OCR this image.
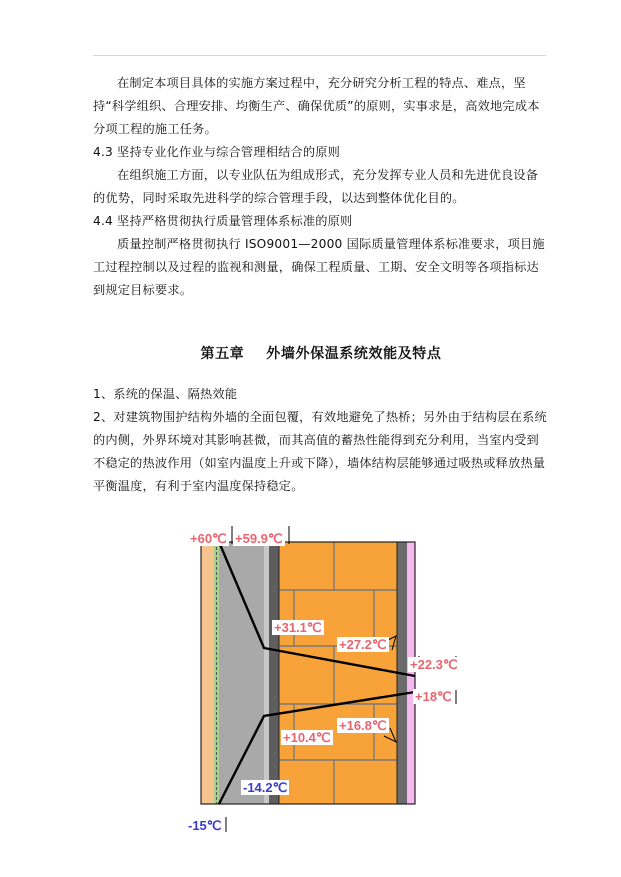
在制定本项目具体的实施方案过程中，充分研究分析工程的特点、难点，坚持“科学组织、合理安排、均衡生产、确保优质”的原则，实事求是，高效地完成本分项工程的施工任务。

4.3 坚持专业化作业与综合管理相结合的原则

在组织施工方面，以专业队伍为组成形式，充分发挥专业人员和先进优良设备的优势，同时采取先进科学的综合管理手段，以达到整体优化目的。

4.4 坚持严格贯彻执行质量管理体系标准的原则

质量控制严格贯彻执行 ISO9001—2000 国际质量管理体系标准要求，项目施工过程控制以及过程的监视和测量，确保工程质量、工期、安全文明等各项指标达到规定目标要求。

第五章 外墙外保温系统效能及特点

1、系统的保温、隔热效能

2、对建筑物围护结构外墙的全面包覆，有效地避免了热桥；另外由于结构层在系统的内侧，外界环境对其影响甚微，而其高值的蓄热性能得到充分利用，当室内受到不稳定的热波作用（如室内温度上升或下降），墙体结构层能够通过吸热或释放热量平衡温度，有利于室内温度保持稳定。

+60℃ +59.9℃
+31.1℃
+27.2℃
+22.3℃
+18℃
+10.4℃
+16.8℃
-14.2℃
-15℃
